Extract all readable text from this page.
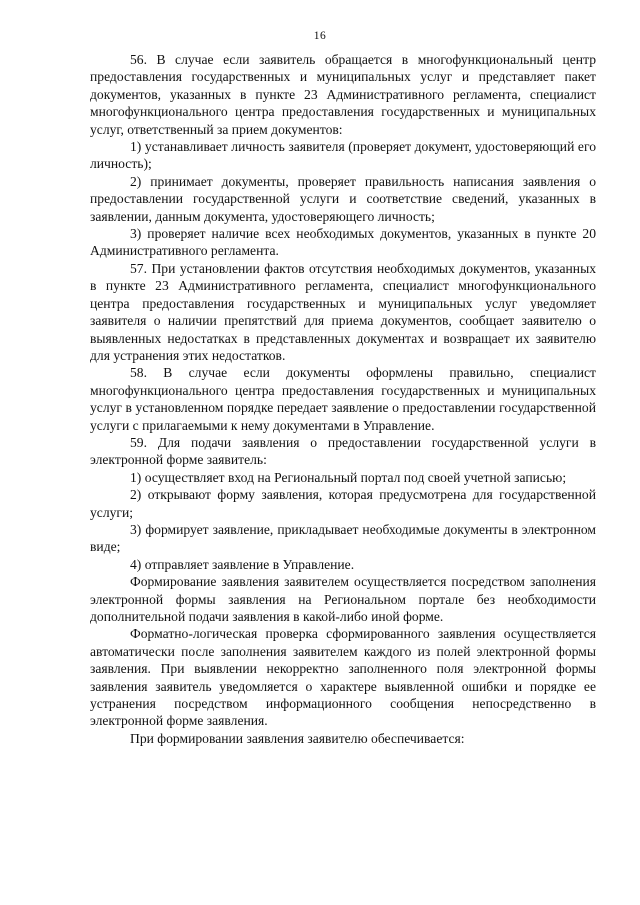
16

56. В случае если заявитель обращается в многофункциональный центр предоставления государственных и муниципальных услуг и представляет пакет документов, указанных в пункте 23 Административного регламента, специалист многофункционального центра предоставления государственных и муниципальных услуг, ответственный за прием документов:

1) устанавливает личность заявителя (проверяет документ, удостоверяющий его личность);

2) принимает документы, проверяет правильность написания заявления о предоставлении государственной услуги и соответствие сведений, указанных в заявлении, данным документа, удостоверяющего личность;

3) проверяет наличие всех необходимых документов, указанных в пункте 20 Административного регламента.

57. При установлении фактов отсутствия необходимых документов, указанных в пункте 23 Административного регламента, специалист многофункционального центра предоставления государственных и муниципальных услуг уведомляет заявителя о наличии препятствий для приема документов, сообщает заявителю о выявленных недостатках в представленных документах и возвращает их заявителю для устранения этих недостатков.

58. В случае если документы оформлены правильно, специалист многофункционального центра предоставления государственных и муниципальных услуг в установленном порядке передает заявление о предоставлении государственной услуги с прилагаемыми к нему документами в Управление.

59. Для подачи заявления о предоставлении государственной услуги в электронной форме заявитель:

1) осуществляет вход на Региональный портал под своей учетной записью;

2) открывают форму заявления, которая предусмотрена для государственной услуги;

3) формирует заявление, прикладывает необходимые документы в электронном виде;

4) отправляет заявление в Управление.

Формирование заявления заявителем осуществляется посредством заполнения электронной формы заявления на Региональном портале без необходимости дополнительной подачи заявления в какой-либо иной форме.

Форматно-логическая проверка сформированного заявления осуществляется автоматически после заполнения заявителем каждого из полей электронной формы заявления. При выявлении некорректно заполненного поля электронной формы заявления заявитель уведомляется о характере выявленной ошибки и порядке ее устранения посредством информационного сообщения непосредственно в электронной форме заявления.

При формировании заявления заявителю обеспечивается:
